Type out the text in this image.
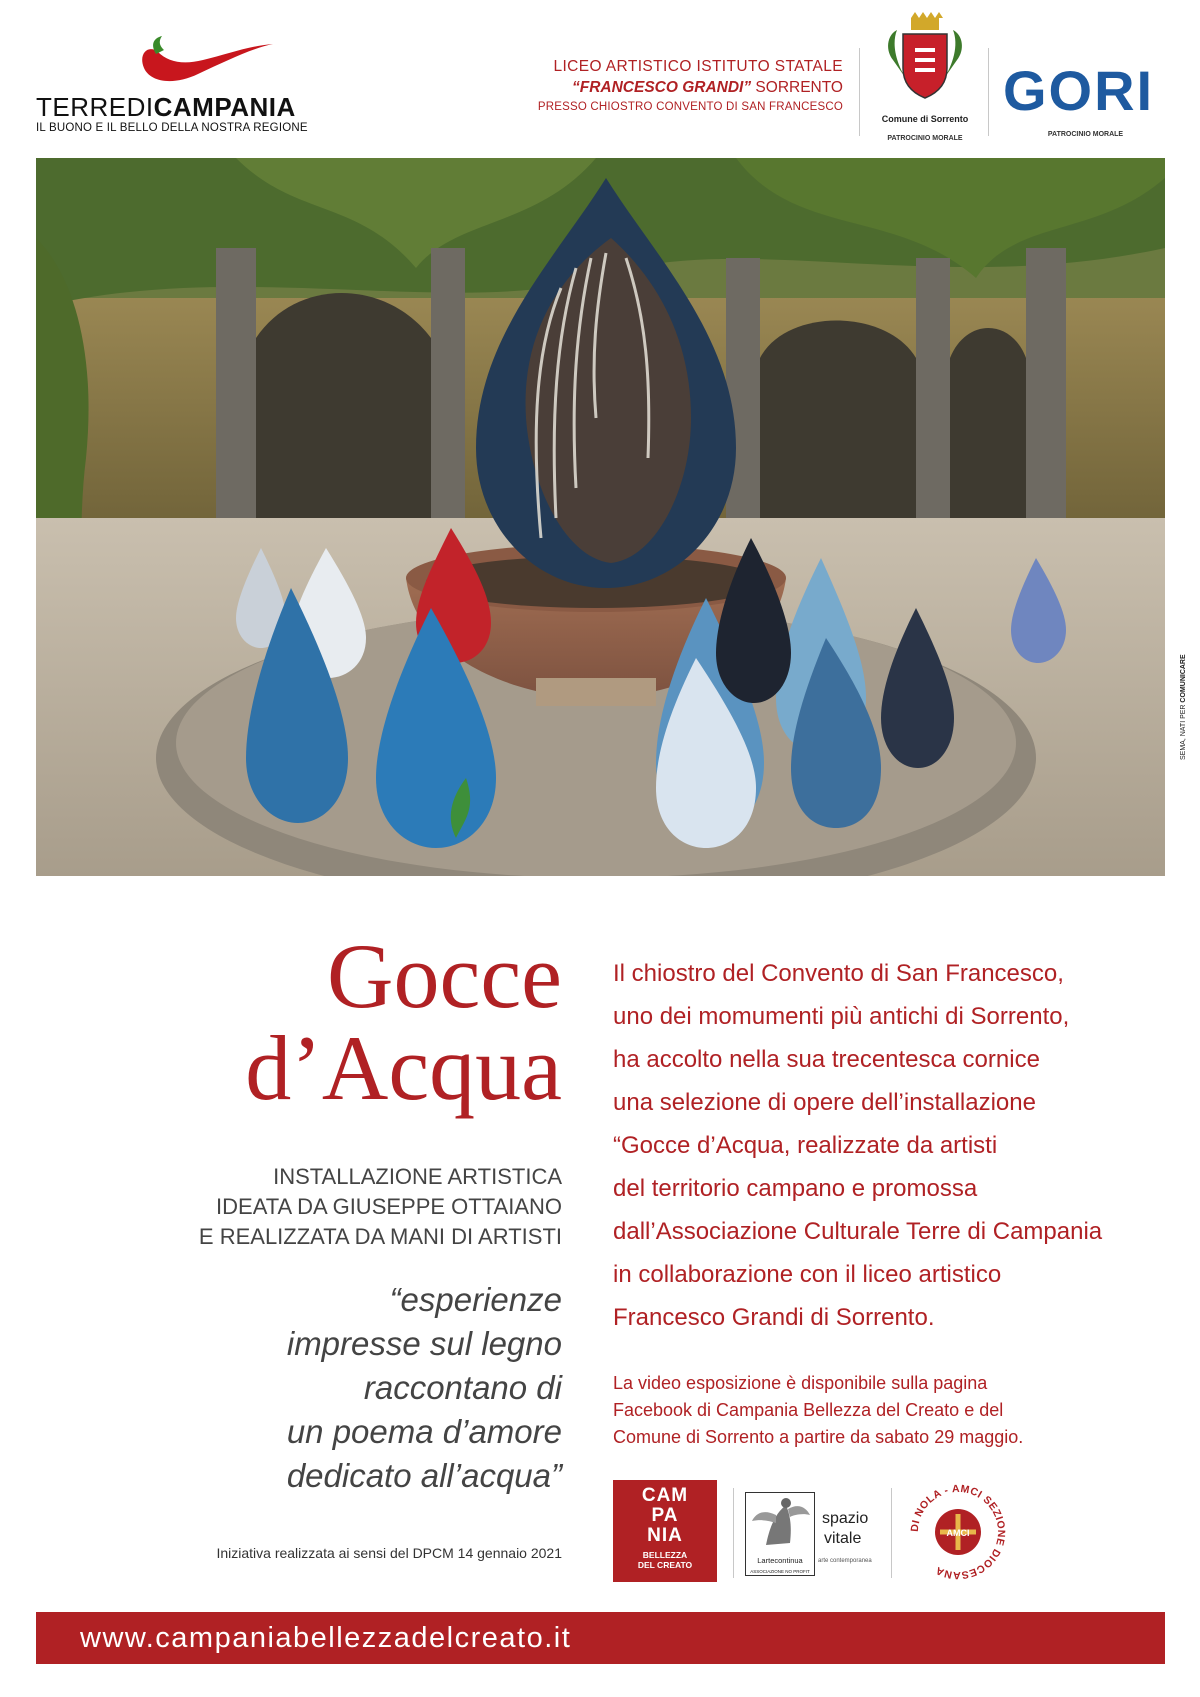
TERREDICAMPANIA
IL BUONO E IL BELLO DELLA NOSTRA REGIONE
LICEO ARTISTICO ISTITUTO STATALE
“FRANCESCO GRANDI” SORRENTO
PRESSO CHIOSTRO CONVENTO DI SAN FRANCESCO
Comune di Sorrento
PATROCINIO MORALE
GORI
PATROCINIO MORALE
SEMA, NATI PER COMUNICARE
Gocce
d’Acqua
INSTALLAZIONE ARTISTICA
IDEATA DA GIUSEPPE OTTAIANO
E REALIZZATA DA MANI DI ARTISTI
“esperienze
impresse sul legno
raccontano di
un poema d’amore
dedicato all’acqua”
Iniziativa realizzata ai sensi del DPCM 14 gennaio 2021
Il chiostro del Convento di San Francesco,
uno dei momumenti più antichi di Sorrento,
ha accolto nella sua trecentesca cornice
una selezione di opere dell’installazione
“Gocce d’Acqua, realizzate da artisti
del territorio campano e promossa
dall’Associazione Culturale Terre di Campania
in collaborazione con il liceo artistico
Francesco Grandi di Sorrento.
La video esposizione è disponibile sulla pagina
Facebook di Campania Bellezza del Creato e del
Comune di Sorrento a partire da sabato 29 maggio.
CAM
PA
NIA
BELLEZZA
DEL CREATO	Lartecontinua
ASSOCIAZIONE NO PROFIT
spazio
vitale
arte contemporanea
DI NOLA - AMCI SEZIONE DIOCESANA
AMCI
www.campaniabellezzadelcreato.it
